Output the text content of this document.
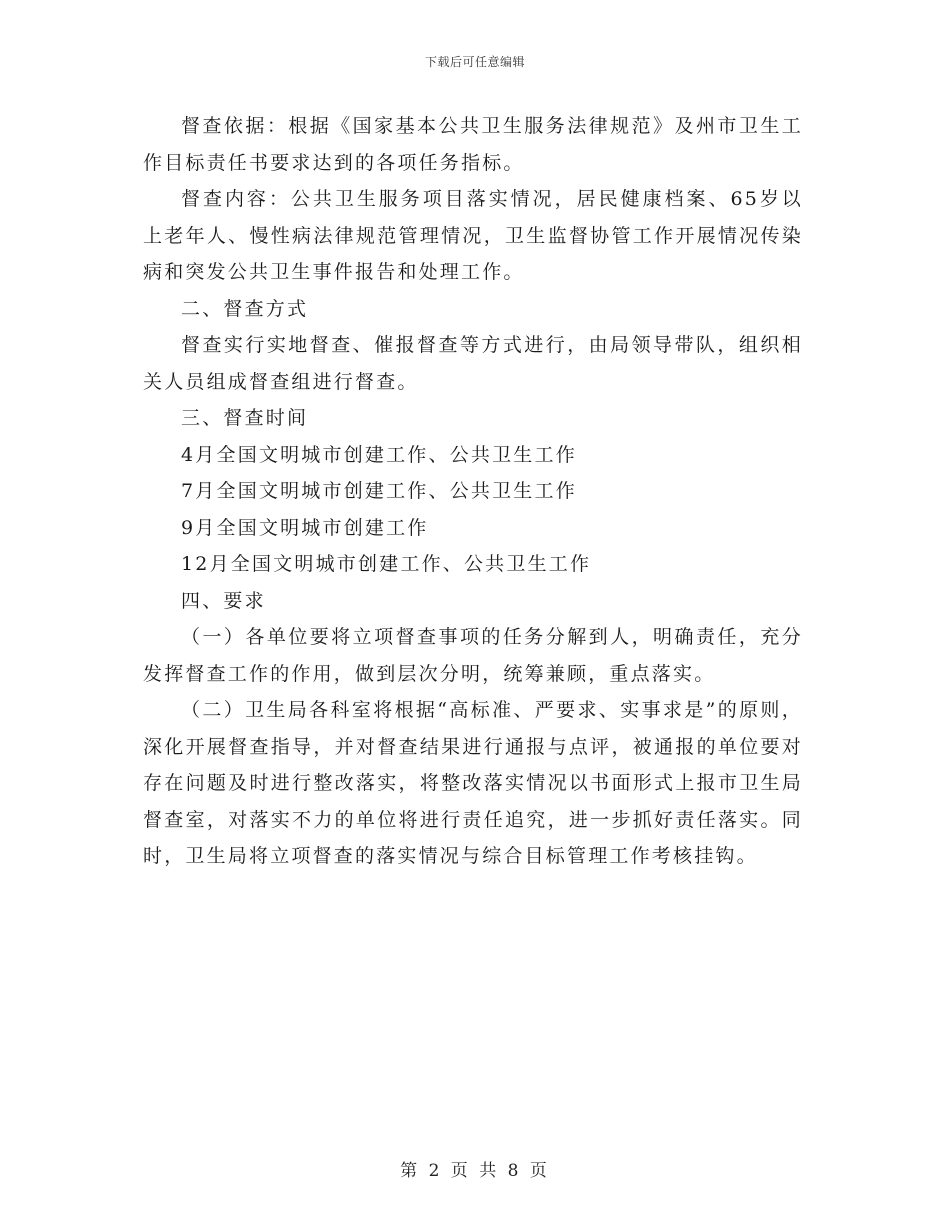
下载后可任意编辑

督查依据：根据《国家基本公共卫生服务法律规范》及州市卫生工作目标责任书要求达到的各项任务指标。

督查内容：公共卫生服务项目落实情况，居民健康档案、65岁以上老年人、慢性病法律规范管理情况，卫生监督协管工作开展情况传染病和突发公共卫生事件报告和处理工作。

二、督查方式

督查实行实地督查、催报督查等方式进行，由局领导带队，组织相关人员组成督查组进行督查。

三、督查时间

4月全国文明城市创建工作、公共卫生工作

7月全国文明城市创建工作、公共卫生工作

9月全国文明城市创建工作

12月全国文明城市创建工作、公共卫生工作

四、要求

（一）各单位要将立项督查事项的任务分解到人，明确责任，充分发挥督查工作的作用，做到层次分明，统筹兼顾，重点落实。

（二）卫生局各科室将根据“高标准、严要求、实事求是”的原则，深化开展督查指导，并对督查结果进行通报与点评，被通报的单位要对存在问题及时进行整改落实，将整改落实情况以书面形式上报市卫生局督查室，对落实不力的单位将进行责任追究，进一步抓好责任落实。同时，卫生局将立项督查的落实情况与综合目标管理工作考核挂钩。

第 2 页 共 8 页
